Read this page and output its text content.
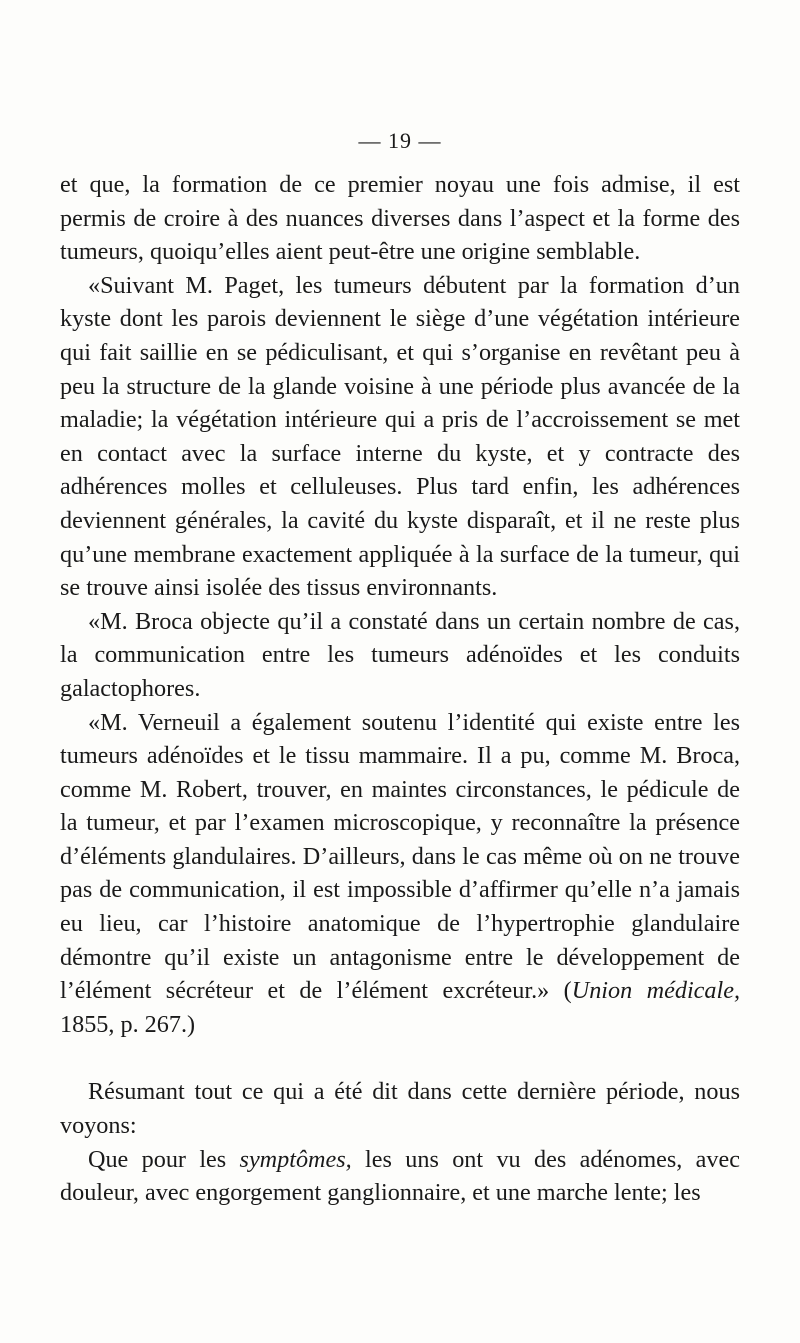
— 19 —

et que, la formation de ce premier noyau une fois admise, il est permis de croire à des nuances diverses dans l’aspect et la forme des tumeurs, quoiqu’elles aient peut-être une origine semblable.

«Suivant M. Paget, les tumeurs débutent par la formation d’un kyste dont les parois deviennent le siège d’une végétation intérieure qui fait saillie en se pédiculisant, et qui s’organise en revêtant peu à peu la structure de la glande voisine à une période plus avancée de la maladie; la végétation intérieure qui a pris de l’accroissement se met en contact avec la surface interne du kyste, et y contracte des adhérences molles et celluleuses. Plus tard enfin, les adhérences deviennent générales, la cavité du kyste disparaît, et il ne reste plus qu’une membrane exactement appliquée à la surface de la tumeur, qui se trouve ainsi isolée des tissus environnants.

«M. Broca objecte qu’il a constaté dans un certain nombre de cas, la communication entre les tumeurs adénoïdes et les conduits galactophores.

«M. Verneuil a également soutenu l’identité qui existe entre les tumeurs adénoïdes et le tissu mammaire. Il a pu, comme M. Broca, comme M. Robert, trouver, en maintes circonstances, le pédicule de la tumeur, et par l’examen microscopique, y reconnaître la présence d’éléments glandulaires. D’ailleurs, dans le cas même où on ne trouve pas de communication, il est impossible d’affirmer qu’elle n’a jamais eu lieu, car l’histoire anatomique de l’hypertrophie glandulaire démontre qu’il existe un antagonisme entre le développement de l’élément sécréteur et de l’élément excréteur.» (Union médicale, 1855, p. 267.)

Résumant tout ce qui a été dit dans cette dernière période, nous voyons:

Que pour les symptômes, les uns ont vu des adénomes, avec douleur, avec engorgement ganglionnaire, et une marche lente; les
